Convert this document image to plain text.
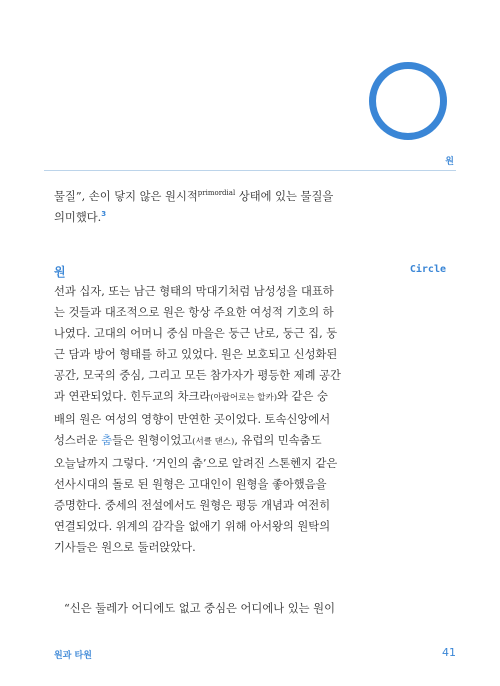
원

물질”, 손이 닿지 않은 원시적$^{primordial}$ 상태에 있는 물질을

의미했다.$^3$

원	Circle

선과 십자, 또는 남근 형태의 막대기처럼 남성성을 대표하

는 것들과 대조적으로 원은 항상 주요한 여성적 기호의 하

나였다. 고대의 어머니 중심 마을은 둥근 난로, 둥근 집, 둥

근 담과 방어 형태를 하고 있었다. 원은 보호되고 신성화된

공간, 모국의 중심, 그리고 모든 참가자가 평등한 제례 공간

과 연관되었다. 힌두교의 차크라(아랍어로는 할카)와 같은 숭

배의 원은 여성의 영향이 만연한 곳이었다. 토속신앙에서

성스러운 춤들은 원형이었고(서클 댄스), 유럽의 민속춤도

오늘날까지 그렇다. ‘거인의 춤’으로 알려진 스톤헨지 같은

선사시대의 돌로 된 원형은 고대인이 원형을 좋아했음을

증명한다. 중세의 전설에서도 원형은 평등 개념과 여전히

연결되었다. 위계의 감각을 없애기 위해 아서왕의 원탁의

기사들은 원으로 둘러앉았다.

“신은 둘레가 어디에도 없고 중심은 어디에나 있는 원이

원과 타원	41
